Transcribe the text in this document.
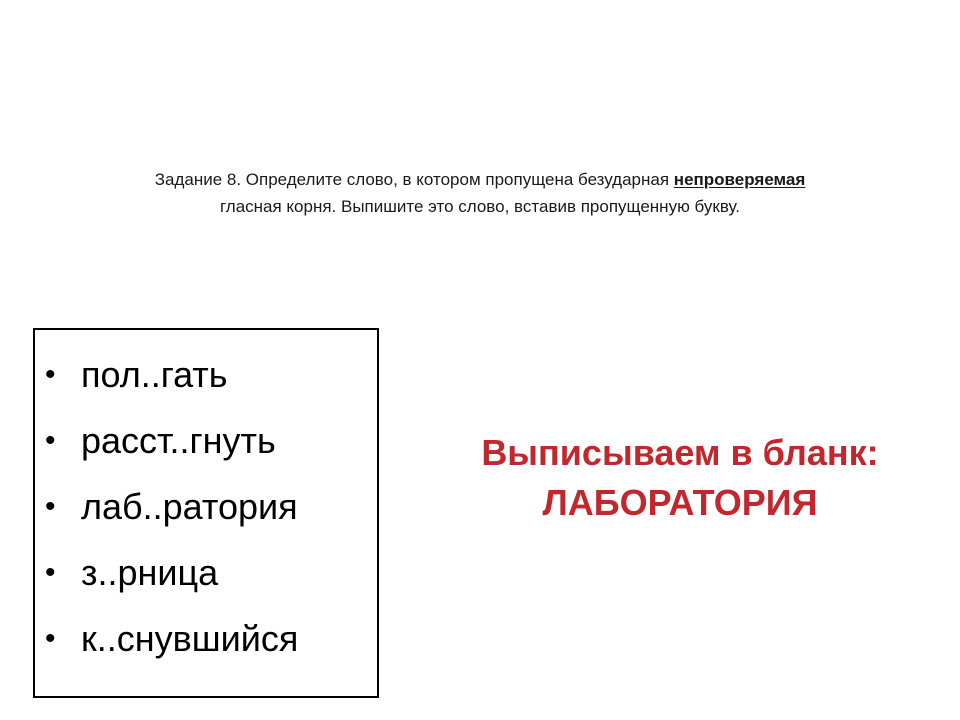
Задание 8. Определите слово, в котором пропущена безударная непроверяемая
гласная корня. Выпишите это слово, вставив пропущенную букву.
• пол..гать
• расст..гнуть
• лаб..ратория
• з..рница
• к..снувшийся
Выписываем в бланк:
ЛАБОРАТОРИЯ
